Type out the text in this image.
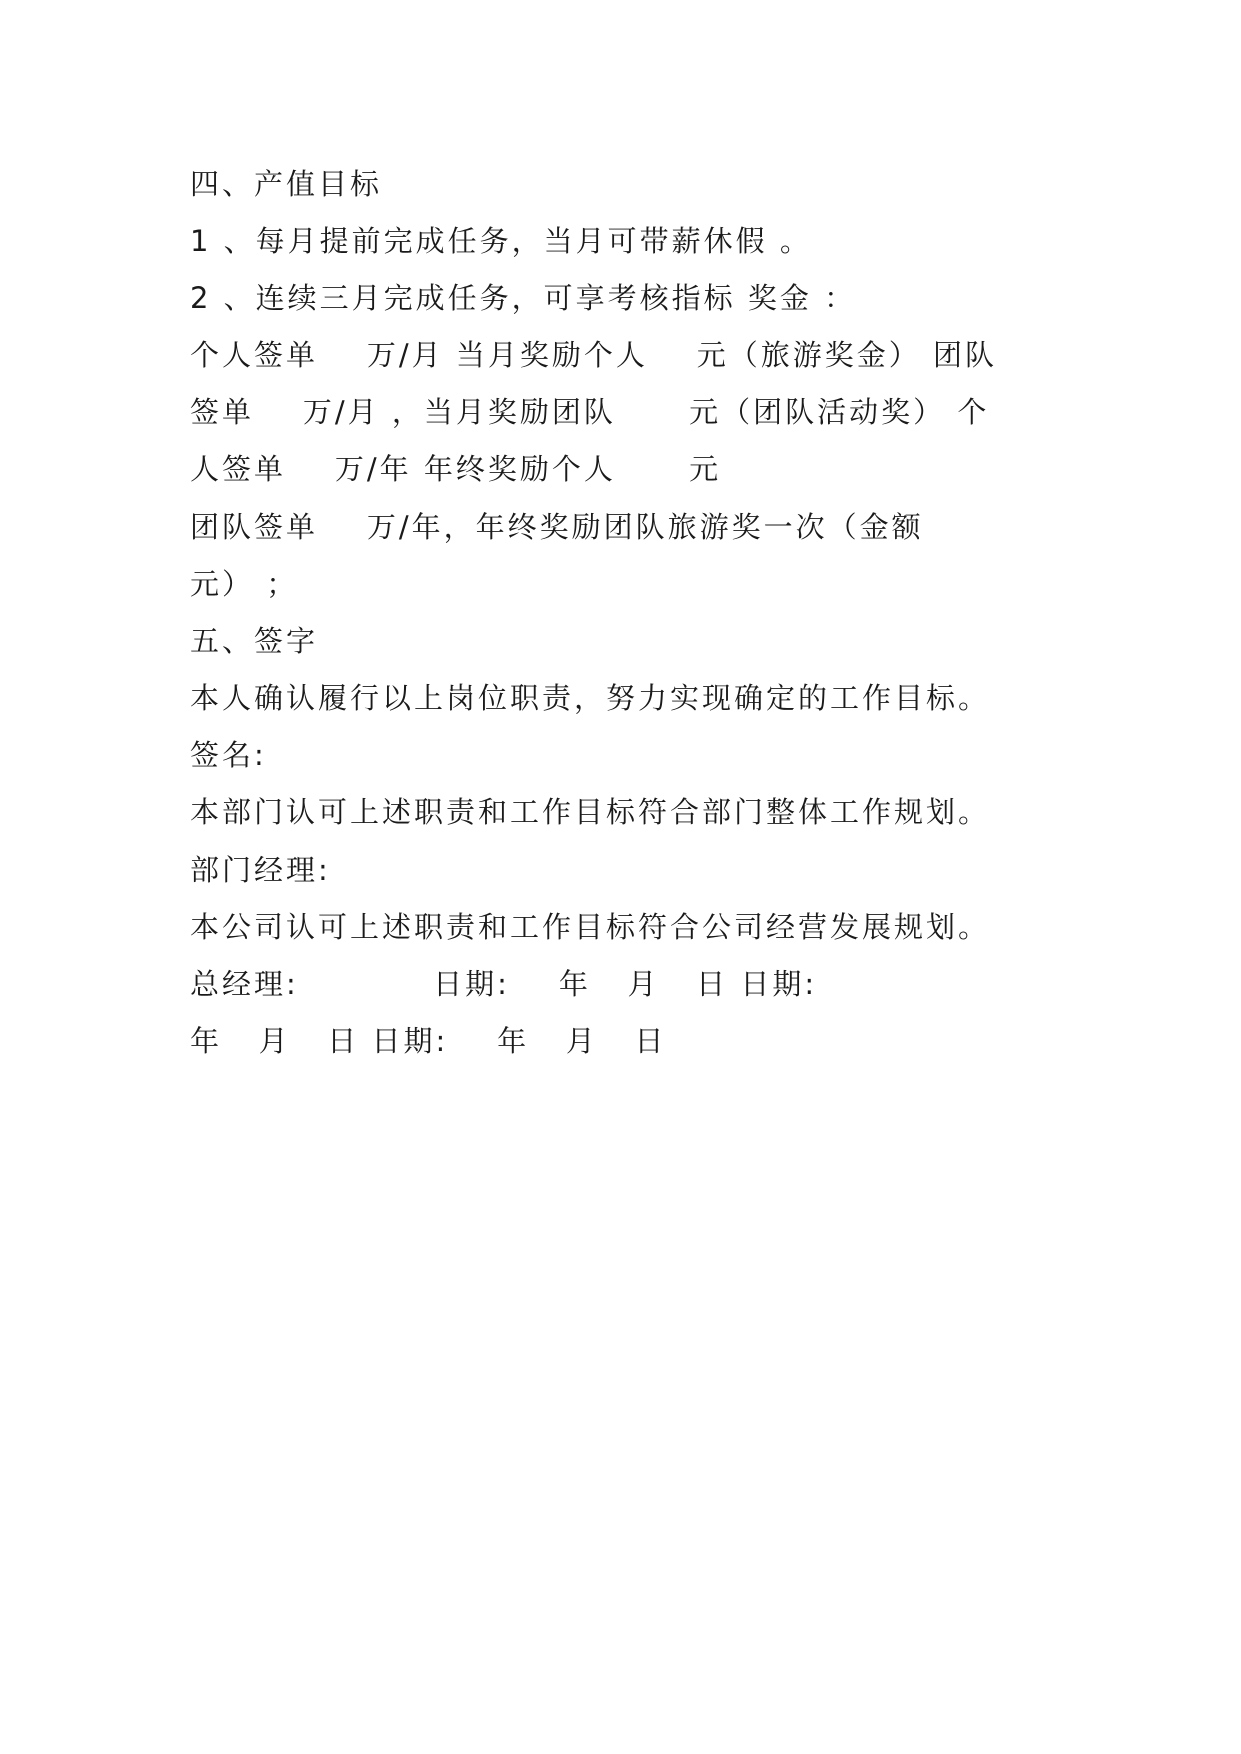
四、产值目标
1 、每月提前完成任务，当月可带薪休假 。
2 、连续三月完成任务，可享考核指标 奖金 ：
个人签单    万/月 当月奖励个人    元（旅游奖金） 团队
签单    万/月 ，当月奖励团队      元（团队活动奖） 个
人签单    万/年 年终奖励个人      元
团队签单    万/年，年终奖励团队旅游奖一次（金额
元） ；
五、签字
本人确认履行以上岗位职责，努力实现确定的工作目标。
签名:
本部门认可上述职责和工作目标符合部门整体工作规划。
部门经理:
本公司认可上述职责和工作目标符合公司经营发展规划。
总经理:           日期:    年   月   日 日期:
年   月   日 日期:    年   月   日
